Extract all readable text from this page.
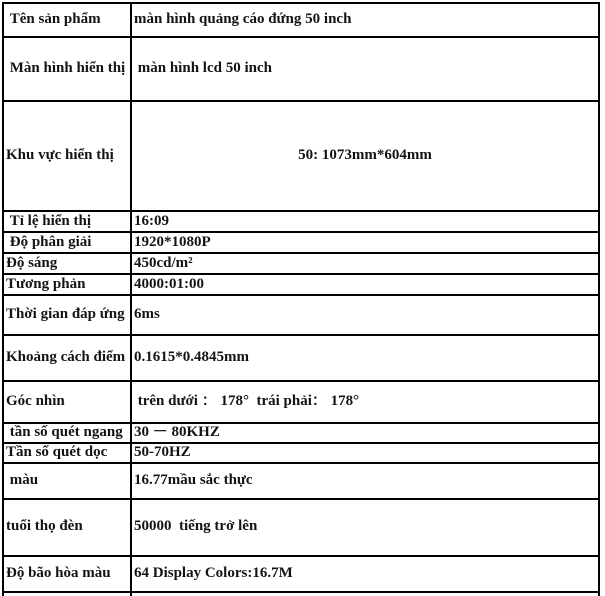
Tên sản phẩm	màn hình quảng cáo đứng 50 inch
Màn hình hiển thị	màn hình lcd 50 inch
Khu vực hiển thị	50: 1073mm*604mm
Tỉ lệ hiển thị	16:09
Độ phân giải	1920*1080P
Độ sáng	450cd/m²
Tương phản	4000:01:00
Thời gian đáp ứng	6ms
Khoảng cách điểm	0.1615*0.4845mm
Góc nhìn	trên dưới ： 178°  trái phải： 178°
tần số quét ngang	30 － 80KHZ
Tần số quét dọc	50-70HZ
màu	16.77mầu sắc thực
tuổi thọ đèn	50000  tiếng trở lên
Độ bão hòa màu	64 Display Colors:16.7M
